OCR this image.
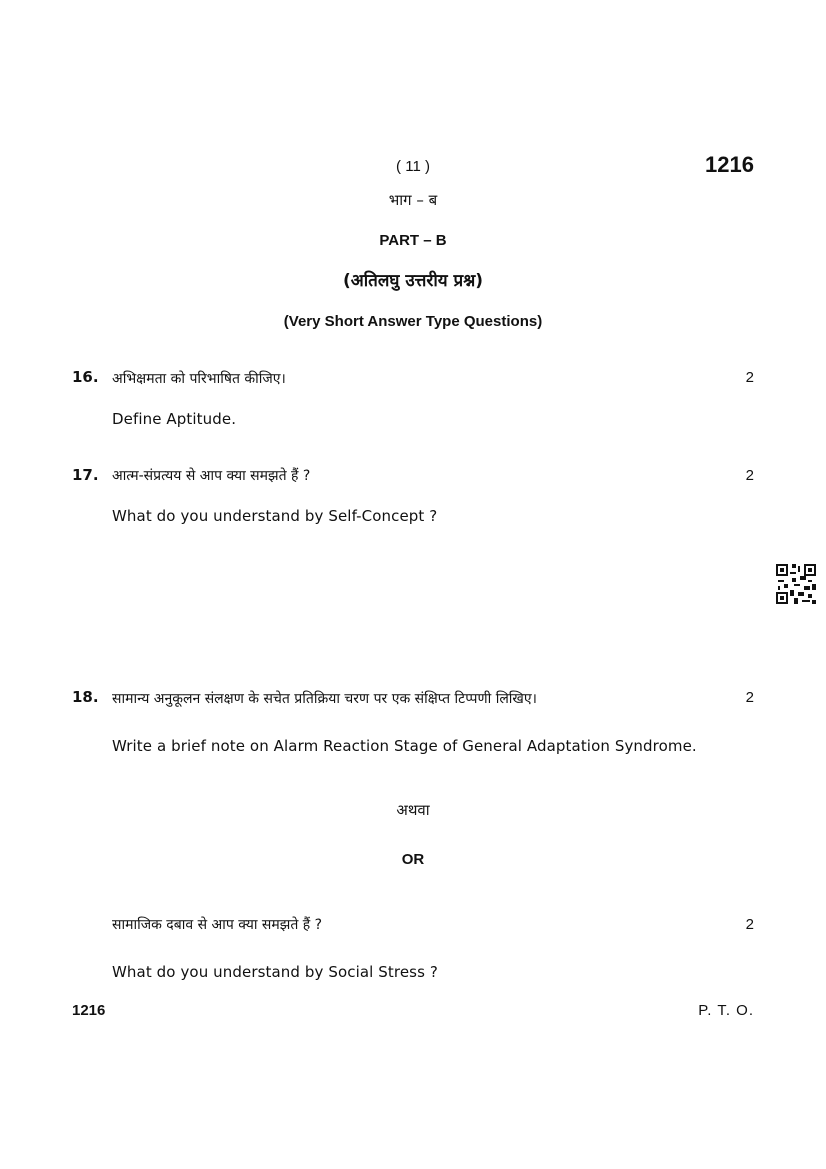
( 11 )	1216
भाग – ब
PART – B
(अतिलघु उत्तरीय प्रश्न)
(Very Short Answer Type Questions)
16. अभिक्षमता को परिभाषित कीजिए।	2
Define Aptitude.
17. आत्म-संप्रत्यय से आप क्या समझते हैं ?	2
What do you understand by Self-Concept ?
18. सामान्य अनुकूलन संलक्षण के सचेत प्रतिक्रिया चरण पर एक संक्षिप्त टिप्पणी लिखिए।	2
Write a brief note on Alarm Reaction Stage of General Adaptation Syndrome.
अथवा
OR
सामाजिक दबाव से आप क्या समझते हैं ?	2
What do you understand by Social Stress ?
1216	P. T. O.
